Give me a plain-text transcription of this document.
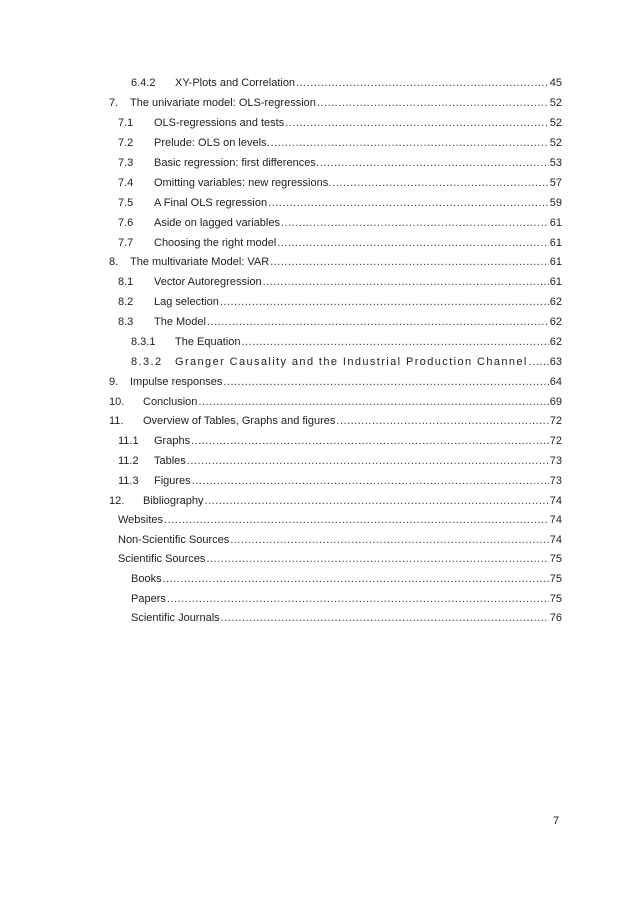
6.4.2	XY-Plots and Correlation .....	45
7.	The univariate model: OLS-regression .....	52
7.1	OLS-regressions and tests .....	52
7.2	Prelude: OLS on levels. .....	52
7.3	Basic regression: first differences. .....	53
7.4	Omitting variables: new regressions. .....	57
7.5	A Final OLS regression .....	59
7.6	Aside on lagged variables .....	61
7.7	Choosing the right model .....	61
8.	The multivariate Model: VAR .....	61
8.1	Vector Autoregression .....	61
8.2	Lag selection .....	62
8.3	The Model .....	62
8.3.1	The Equation .....	62
8.3.2	Granger Causality and the Industrial Production Channel ..... 63
9.	Impulse responses .....	64
10.	Conclusion .....	69
11.	Overview of Tables, Graphs and figures .....	72
11.1	Graphs .....	72
11.2	Tables .....	73
11.3	Figures .....	73
12.	Bibliography .....	74
Websites .....	74
Non-Scientific Sources .....	74
Scientific Sources .....	75
Books .....	75
Papers .....	75
Scientific Journals .....	76
7
